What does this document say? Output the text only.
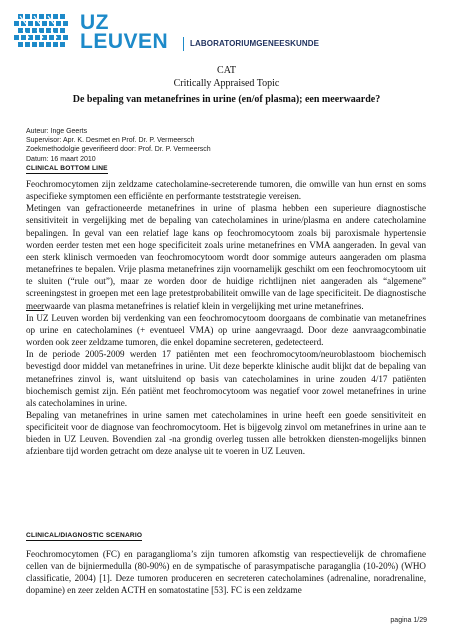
UZ
LEUVEN	LABORATORIUMGENEESKUNDE
CAT
Critically Appraised Topic
De bepaling van metanefrines in urine (en/of plasma); een meerwaarde?
Auteur: Inge Geerts
Supervisor: Apr. K. Desmet en Prof. Dr. P. Vermeersch
Zoekmethodolgie geverifieerd door: Prof. Dr. P. Vermeersch
Datum: 16 maart 2010
CLINICAL BOTTOM LINE

Feochromocytomen zijn zeldzame catecholamine-secreterende tumoren, die omwille van hun ernst en soms aspecifieke symptomen een efficiënte en performante teststrategie vereisen.

Metingen van gefractioneerde metanefrines in urine of plasma hebben een superieure diagnostische sensitiviteit in vergelijking met de bepaling van catecholamines in urine/plasma en andere catecholamine bepalingen. In geval van een relatief lage kans op feochromocytoom zoals bij paroxismale hypertensie worden eerder testen met een hoge specificiteit zoals urine metanefrines en VMA aangeraden. In geval van een sterk klinisch vermoeden van feochromocytoom wordt door sommige auteurs aangeraden om plasma metanefrines te bepalen. Vrije plasma metanefrines zijn voornamelijk geschikt om een feochromocytoom uit te sluiten (“rule out”), maar ze worden door de huidige richtlijnen niet aangeraden als “algemene” screeningstest in groepen met een lage pretestprobabiliteit omwille van de lage specificiteit. De diagnostische meerwaarde van plasma metanefrines is relatief klein in vergelijking met urine metanefrines.

In UZ Leuven worden bij verdenking van een feochromocytoom doorgaans de combinatie van metanefrines op urine en catecholamines (+ eventueel VMA) op urine aangevraagd. Door deze aanvraagcombinatie worden ook zeer zeldzame tumoren, die enkel dopamine secreteren, gedetecteerd.

In de periode 2005-2009 werden 17 patiënten met een feochromocytoom/neuroblastoom biochemisch bevestigd door middel van metanefrines in urine. Uit deze beperkte klinische audit blijkt dat de bepaling van metanefrines zinvol is, want uitsluitend op basis van catecholamines in urine zouden 4/17 patiënten biochemisch gemist zijn. Eén patiënt met feochromocytoom was negatief voor zowel metanefrines in urine als catecholamines in urine.

Bepaling van metanefrines in urine samen met catecholamines in urine heeft een goede sensitiviteit en specificiteit voor de diagnose van feochromocytoom. Het is bijgevolg zinvol om metanefrines in urine aan te bieden in UZ Leuven. Bovendien zal -na grondig overleg tussen alle betrokken diensten-mogelijks binnen afzienbare tijd worden getracht om deze analyse uit te voeren in UZ Leuven.

CLINICAL/DIAGNOSTIC SCENARIO

Feochromocytomen (FC) en paraganglioma’s zijn tumoren afkomstig van respectievelijk de chromafiene cellen van de bijniermedulla (80-90%) en de sympatische of parasympatische paraganglia (10-20%) (WHO classificatie, 2004) [1]. Deze tumoren produceren en secreteren catecholamines (adrenaline, noradrenaline, dopamine) en zeer zelden ACTH en somatostatine [53]. FC is een zeldzame

pagina 1/29
